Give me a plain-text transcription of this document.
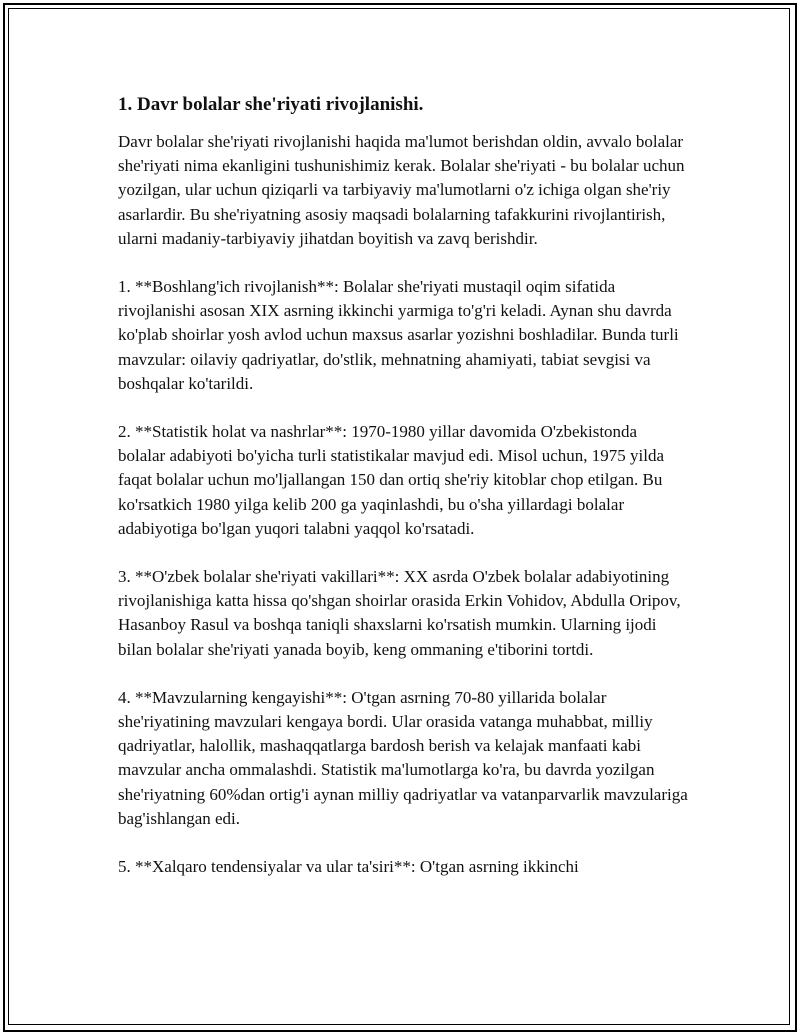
1. Davr bolalar she'riyati rivojlanishi.

Davr bolalar she'riyati rivojlanishi haqida ma'lumot berishdan oldin, avvalo bolalar she'riyati nima ekanligini tushunishimiz kerak. Bolalar she'riyati - bu bolalar uchun yozilgan, ular uchun qiziqarli va tarbiyaviy ma'lumotlarni o'z ichiga olgan she'riy asarlardir. Bu she'riyatning asosiy maqsadi bolalarning tafakkurini rivojlantirish, ularni madaniy-tarbiyaviy jihatdan boyitish va zavq berishdir.

1. **Boshlang'ich rivojlanish**: Bolalar she'riyati mustaqil oqim sifatida rivojlanishi asosan XIX asrning ikkinchi yarmiga to'g'ri keladi. Aynan shu davrda ko'plab shoirlar yosh avlod uchun maxsus asarlar yozishni boshladilar. Bunda turli mavzular: oilaviy qadriyatlar, do'stlik, mehnatning ahamiyati, tabiat sevgisi va boshqalar ko'tarildi.

2. **Statistik holat va nashrlar**: 1970-1980 yillar davomida O'zbekistonda bolalar adabiyoti bo'yicha turli statistikalar mavjud edi. Misol uchun, 1975 yilda faqat bolalar uchun mo'ljallangan 150 dan ortiq she'riy kitoblar chop etilgan. Bu ko'rsatkich 1980 yilga kelib 200 ga yaqinlashdi, bu o'sha yillardagi bolalar adabiyotiga bo'lgan yuqori talabni yaqqol ko'rsatadi.

3. **O'zbek bolalar she'riyati vakillari**: XX asrda O'zbek bolalar adabiyotining rivojlanishiga katta hissa qo'shgan shoirlar orasida Erkin Vohidov, Abdulla Oripov, Hasanboy Rasul va boshqa taniqli shaxslarni ko'rsatish mumkin. Ularning ijodi bilan bolalar she'riyati yanada boyib, keng ommaning e'tiborini tortdi.

4. **Mavzularning kengayishi**: O'tgan asrning 70-80 yillarida bolalar she'riyatining mavzulari kengaya bordi. Ular orasida vatanga muhabbat, milliy qadriyatlar, halollik, mashaqqatlarga bardosh berish va kelajak manfaati kabi mavzular ancha ommalashdi. Statistik ma'lumotlarga ko'ra, bu davrda yozilgan she'riyatning 60%dan ortig'i aynan milliy qadriyatlar va vatanparvarlik mavzulariga bag'ishlangan edi.

5. **Xalqaro tendensiyalar va ular ta'siri**: O'tgan asrning ikkinchi
